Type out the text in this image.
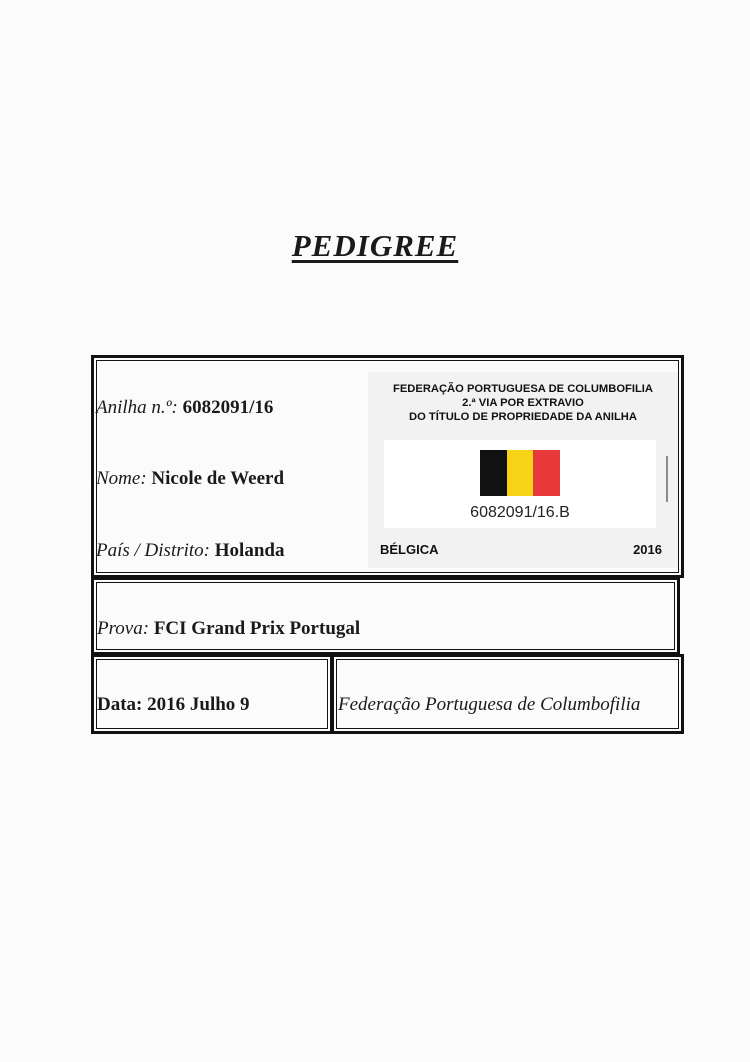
PEDIGREE
Anilha n.º: 6082091/16
Nome: Nicole de Weerd
País / Distrito: Holanda
Prova: FCI Grand Prix Portugal
Data: 2016 Julho 9	Federação Portuguesa de Columbofilia
FEDERAÇÃO PORTUGUESA DE COLUMBOFILIA
2.ª VIA POR EXTRAVIO
DO TÍTULO DE PROPRIEDADE DA ANILHA
6082091/16.B
BÉLGICA	2016
